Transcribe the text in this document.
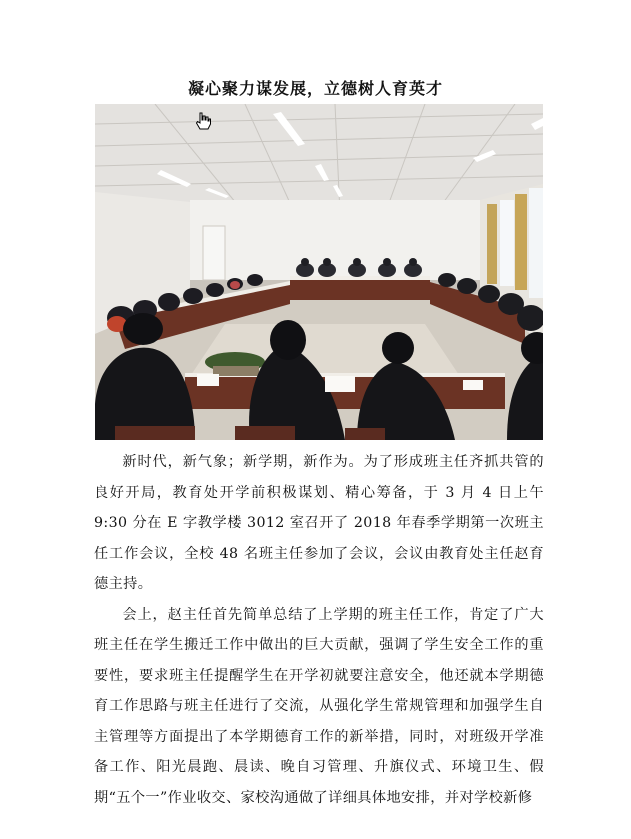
凝心聚力谋发展，立德树人育英才

新时代，新气象；新学期，新作为。为了形成班主任齐抓共管的良好开局，教育处开学前积极谋划、精心筹备，于 3 月 4 日上午 9:30 分在 E 字教学楼 3012 室召开了 2018 年春季学期第一次班主任工作会议，全校 48 名班主任参加了会议，会议由教育处主任赵育德主持。

会上，赵主任首先简单总结了上学期的班主任工作，肯定了广大班主任在学生搬迁工作中做出的巨大贡献，强调了学生安全工作的重要性，要求班主任提醒学生在开学初就要注意安全，他还就本学期德育工作思路与班主任进行了交流，从强化学生常规管理和加强学生自主管理等方面提出了本学期德育工作的新举措，同时，对班级开学准备工作、阳光晨跑、晨读、晚自习管理、升旗仪式、环境卫生、假期“五个一”作业收交、家校沟通做了详细具体地安排，并对学校新修
